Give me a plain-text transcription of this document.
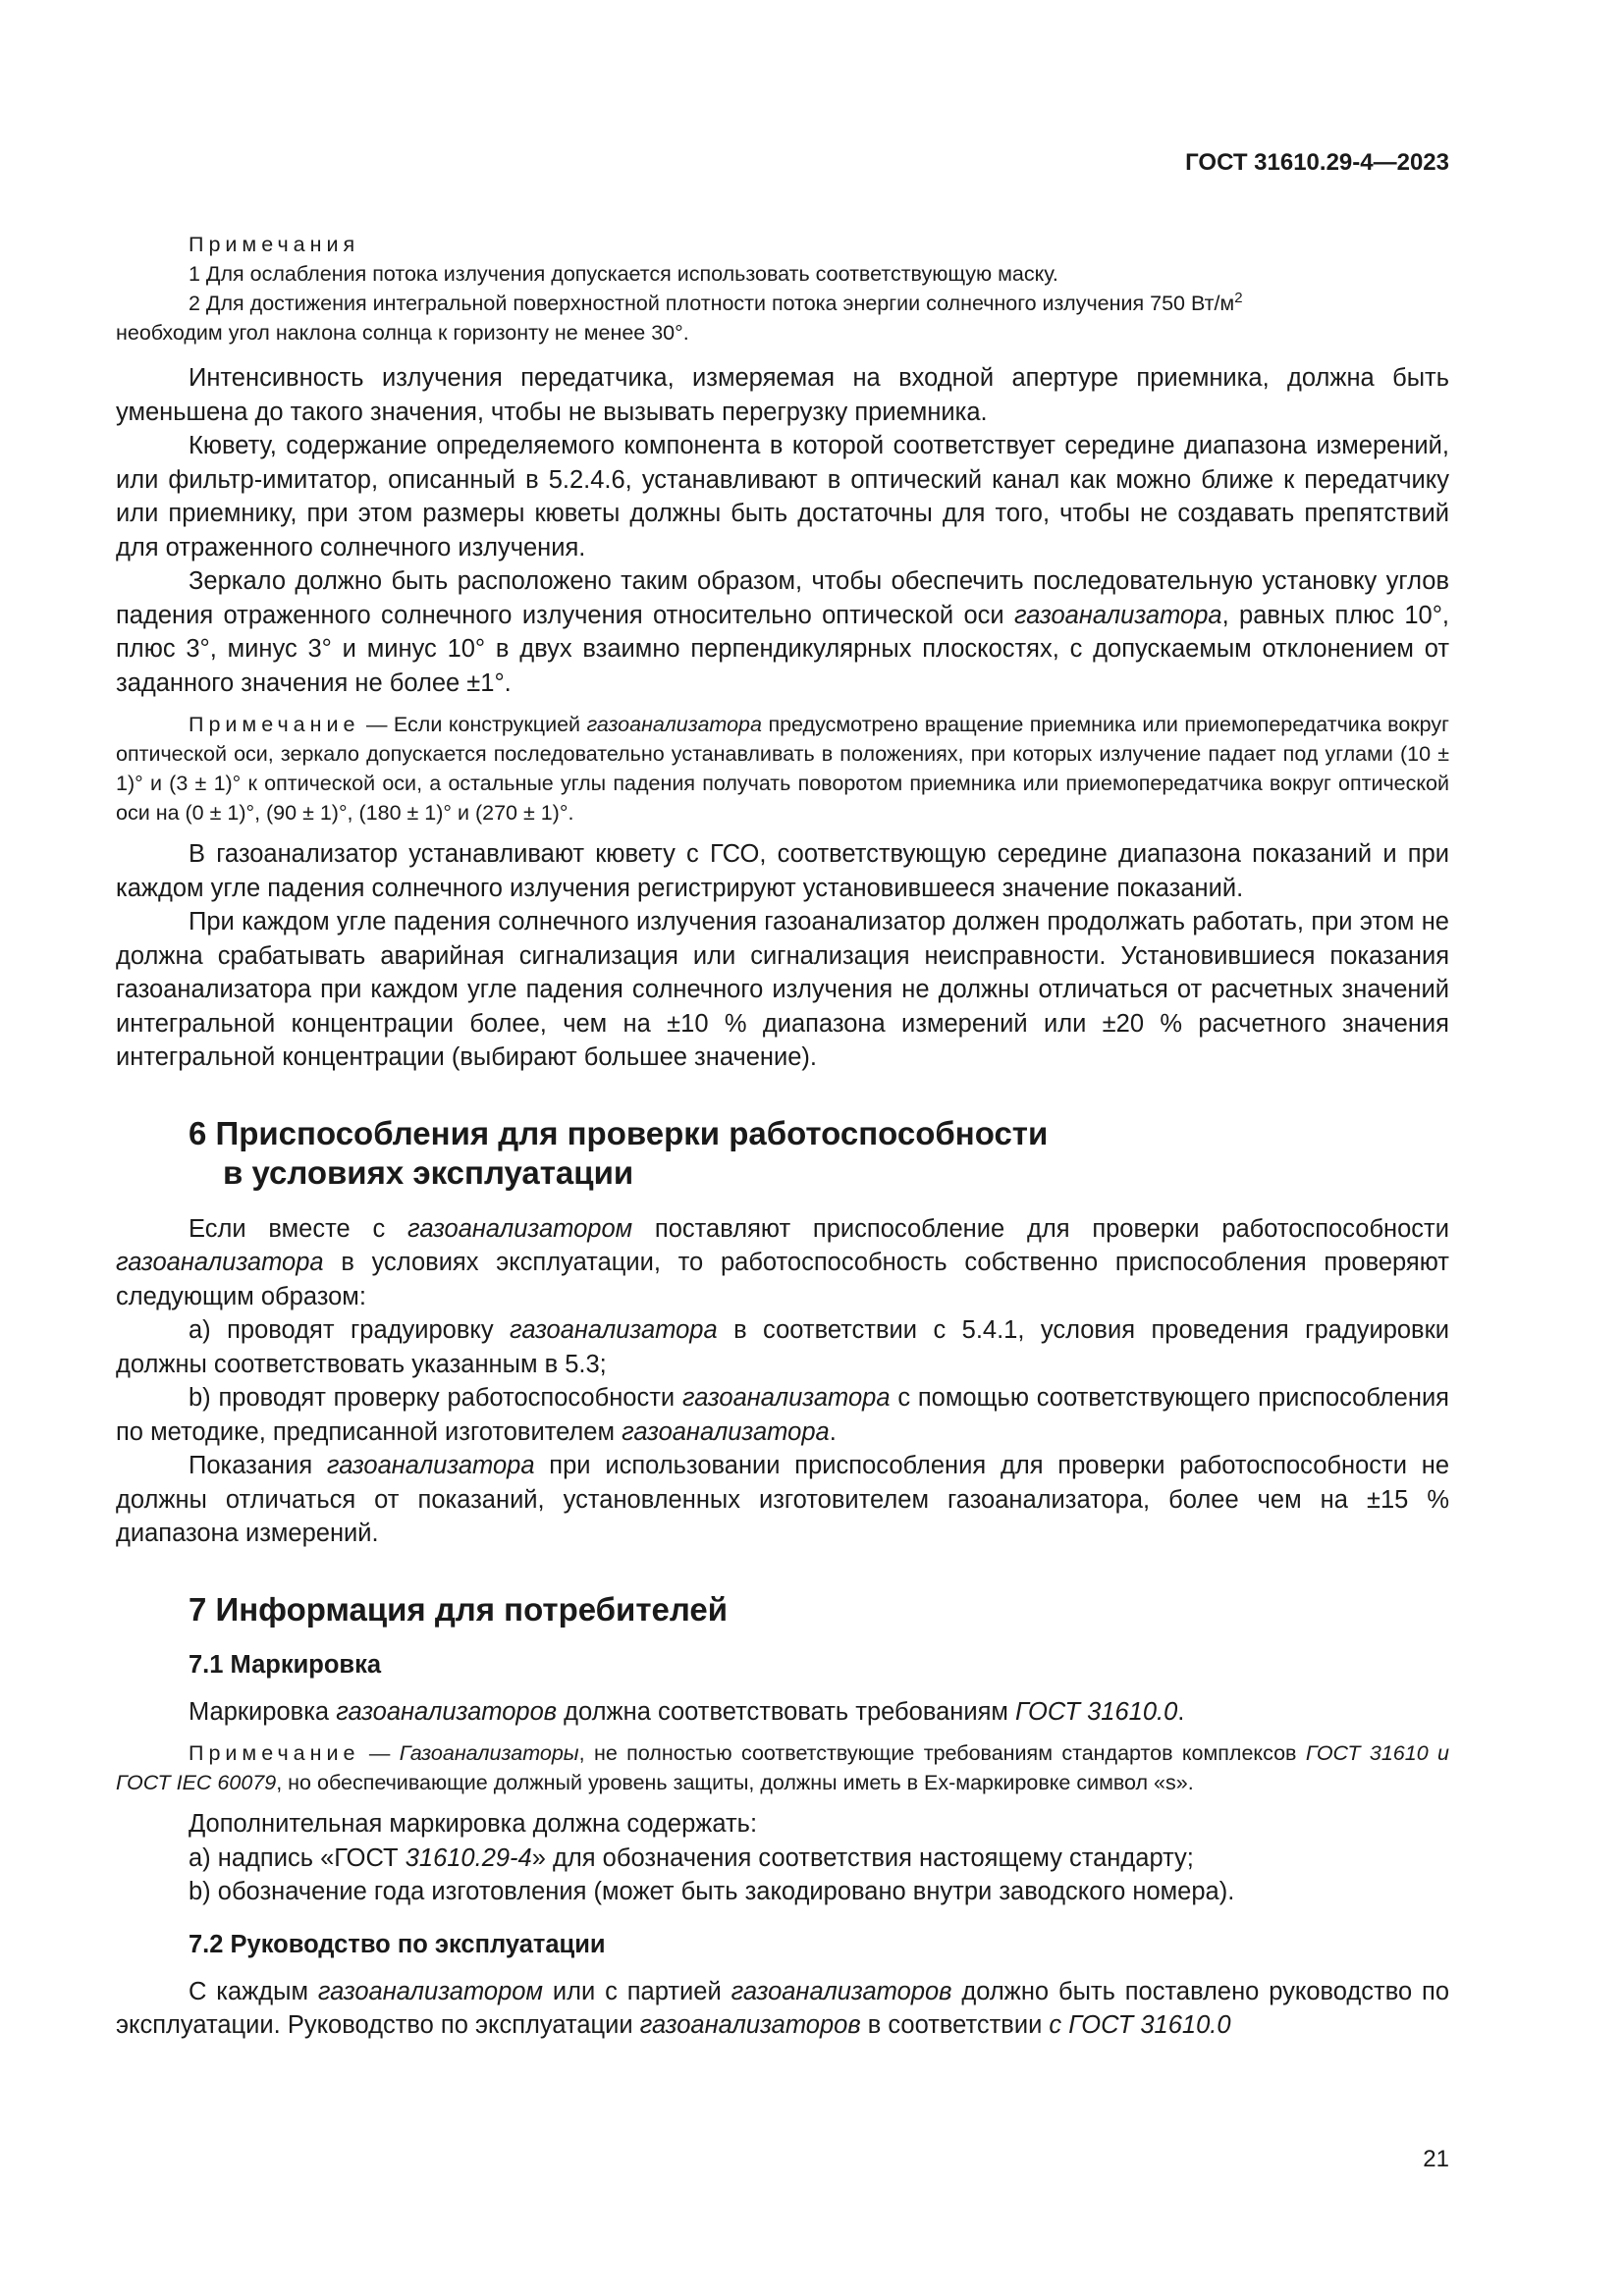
ГОСТ 31610.29-4—2023

Примечания

1 Для ослабления потока излучения допускается использовать соответствующую маску.

2 Для достижения интегральной поверхностной плотности потока энергии солнечного излучения 750 $Вт/м^2$

необходим угол наклона солнца к горизонту не менее 30°.

Интенсивность излучения передатчика, измеряемая на входной апертуре приемника, должна быть уменьшена до такого значения, чтобы не вызывать перегрузку приемника.

Кювету, содержание определяемого компонента в которой соответствует середине диапазона измерений, или фильтр-имитатор, описанный в 5.2.4.6, устанавливают в оптический канал как можно ближе к передатчику или приемнику, при этом размеры кюветы должны быть достаточны для того, чтобы не создавать препятствий для отраженного солнечного излучения.

Зеркало должно быть расположено таким образом, чтобы обеспечить последовательную установку углов падения отраженного солнечного излучения относительно оптической оси газоанализатора, равных плюс 10°, плюс 3°, минус 3° и минус 10° в двух взаимно перпендикулярных плоскостях, с допускаемым отклонением от заданного значения не более ±1°.

Примечание — Если конструкцией газоанализатора предусмотрено вращение приемника или приемопередатчика вокруг оптической оси, зеркало допускается последовательно устанавливать в положениях, при которых излучение падает под углами (10 ± 1)° и (3 ± 1)° к оптической оси, а остальные углы падения получать поворотом приемника или приемопередатчика вокруг оптической оси на (0 ± 1)°, (90 ± 1)°, (180 ± 1)° и (270 ± 1)°.

В газоанализатор устанавливают кювету с ГСО, соответствующую середине диапазона показаний и при каждом угле падения солнечного излучения регистрируют установившееся значение показаний.

При каждом угле падения солнечного излучения газоанализатор должен продолжать работать, при этом не должна срабатывать аварийная сигнализация или сигнализация неисправности. Установившиеся показания газоанализатора при каждом угле падения солнечного излучения не должны отличаться от расчетных значений интегральной концентрации более, чем на ±10 % диапазона измерений или ±20 % расчетного значения интегральной концентрации (выбирают большее значение).

6 Приспособления для проверки работоспособности
в условиях эксплуатации

Если вместе с газоанализатором поставляют приспособление для проверки работоспособности газоанализатора в условиях эксплуатации, то работоспособность собственно приспособления проверяют следующим образом:

а) проводят градуировку газоанализатора в соответствии с 5.4.1, условия проведения градуировки должны соответствовать указанным в 5.3;

b) проводят проверку работоспособности газоанализатора с помощью соответствующего приспособления по методике, предписанной изготовителем газоанализатора.

Показания газоанализатора при использовании приспособления для проверки работоспособности не должны отличаться от показаний, установленных изготовителем газоанализатора, более чем на ±15 % диапазона измерений.

7 Информация для потребителей
7.1 Маркировка

Маркировка газоанализаторов должна соответствовать требованиям ГОСТ 31610.0.

Примечание — Газоанализаторы, не полностью соответствующие требованиям стандартов комплексов ГОСТ 31610 и ГОСТ IEC 60079, но обеспечивающие должный уровень защиты, должны иметь в Ех-маркировке символ «s».

Дополнительная маркировка должна содержать:

а) надпись «ГОСТ 31610.29-4» для обозначения соответствия настоящему стандарту;

b) обозначение года изготовления (может быть закодировано внутри заводского номера).

7.2 Руководство по эксплуатации

С каждым газоанализатором или с партией газоанализаторов должно быть поставлено руководство по эксплуатации. Руководство по эксплуатации газоанализаторов в соответствии с ГОСТ 31610.0

21
